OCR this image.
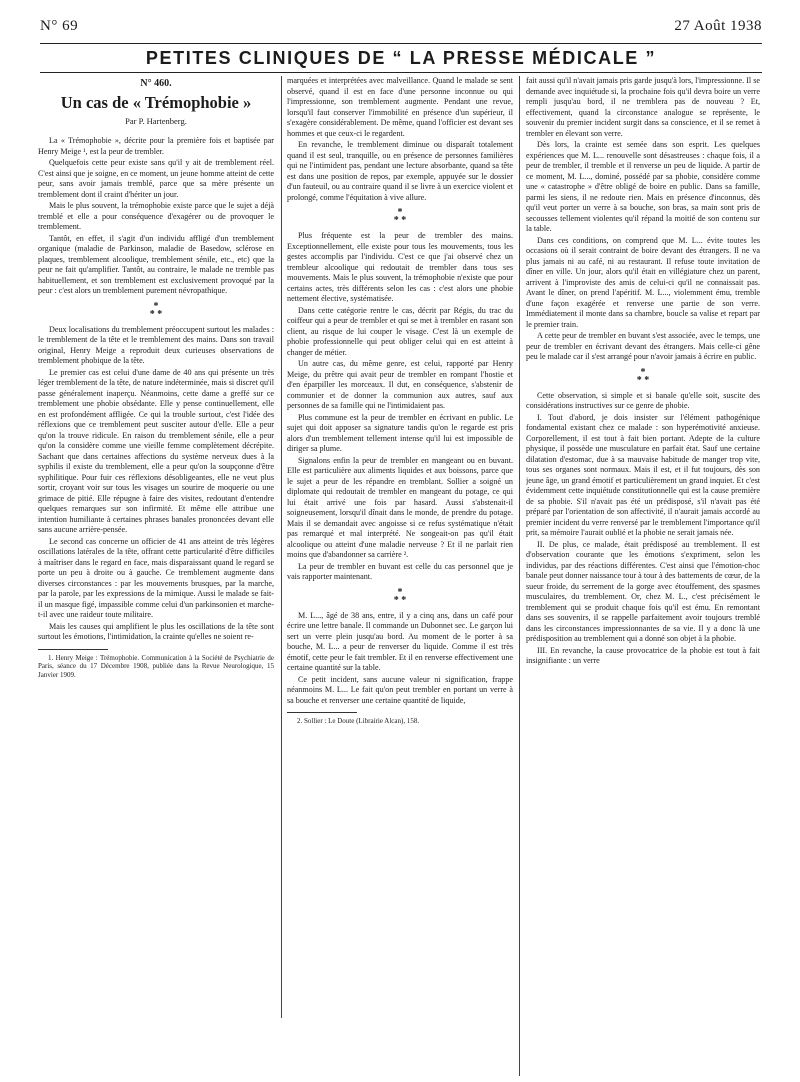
N° 69	27 Août 1938
PETITES CLINIQUES DE “ LA PRESSE MÉDICALE ”
N° 460.
Un cas de « Trémophobie »
Par P. Hartenberg.

La « Trémophobie », décrite pour la première fois et baptisée par Henry Meige ¹, est la peur de trembler.

Quelquefois cette peur existe sans qu'il y ait de tremblement réel. C'est ainsi que je soigne, en ce moment, un jeune homme atteint de cette peur, sans avoir jamais tremblé, parce que sa mère présente un tremblement dont il craint d'hériter un jour.

Mais le plus souvent, la trémophobie existe parce que le sujet a déjà tremblé et elle a pour conséquence d'exagérer ou de provoquer le tremblement.

Tantôt, en effet, il s'agit d'un individu affligé d'un tremblement organique (maladie de Parkinson, maladie de Basedow, sclérose en plaques, tremblement alcoolique, tremblement sénile, etc., etc) que la peur ne fait qu'amplifier. Tantôt, au contraire, le malade ne tremble pas habituellement, et son tremblement est exclusivement provoqué par la peur : c'est alors un tremblement purement névropathique.

*
* *

Deux localisations du tremblement préoccupent surtout les malades : le tremblement de la tête et le tremblement des mains. Dans son travail original, Henry Meige a reproduit deux curieuses observations de tremblement phobique de la tête.

Le premier cas est celui d'une dame de 40 ans qui présente un très léger tremblement de la tête, de nature indéterminée, mais si discret qu'il passe généralement inaperçu. Néanmoins, cette dame a greffé sur ce tremblement une phobie obsédante. Elle y pense continuellement, elle en est profondément affligée. Ce qui la trouble surtout, c'est l'idée des réflexions que ce tremblement peut susciter autour d'elle. Elle a peur qu'on la trouve ridicule. En raison du tremblement sénile, elle a peur qu'on la considère comme une vieille femme complètement décrépite. Sachant que dans certaines affections du système nerveux dues à la syphilis il existe du tremblement, elle a peur qu'on la soupçonne d'être syphilitique. Pour fuir ces réflexions désobligeantes, elle ne veut plus sortir, croyant voir sur tous les visages un sourire de moquerie ou une grimace de pitié. Elle répugne à faire des visites, redoutant d'entendre quelques remarques sur son infirmité. Et même elle attribue une intention humiliante à certaines phrases banales prononcées devant elle sans aucune arrière-pensée.

Le second cas concerne un officier de 41 ans atteint de très légères oscillations latérales de la tête, offrant cette particularité d'être difficiles à maîtriser dans le regard en face, mais disparaissant quand le regard se porte un peu à droite ou à gauche. Ce tremblement augmente dans diverses circonstances : par les mouvements brusques, par la marche, par la parole, par les expressions de la mimique. Aussi le malade se fait-il un masque figé, impassible comme celui d'un parkinsonien et marche-t-il avec une raideur toute militaire.

Mais les causes qui amplifient le plus les oscillations de la tête sont surtout les émotions, l'intimidation, la crainte qu'elles ne soient re-

1. Henry Meige : Trémophobie. Communication à la Société de Psychiatrie de Paris, séance du 17 Décembre 1908, publiée dans la Revue Neurologique, 15 Janvier 1909.

marquées et interprétées avec malveillance. Quand le malade se sent observé, quand il est en face d'une personne inconnue ou qui l'impressionne, son tremblement augmente. Pendant une revue, lorsqu'il faut conserver l'immobilité en présence d'un supérieur, il s'exagère considérablement. De même, quand l'officier est devant ses hommes et que ceux-ci le regardent.

En revanche, le tremblement diminue ou disparaît totalement quand il est seul, tranquille, ou en présence de personnes familières qui ne l'intimident pas, pendant une lecture absorbante, quand sa tête est dans une position de repos, par exemple, appuyée sur le dossier d'un fauteuil, ou au contraire quand il se livre à un exercice violent et prolongé, comme l'équitation à vive allure.

*
* *

Plus fréquente est la peur de trembler des mains. Exceptionnellement, elle existe pour tous les mouvements, tous les gestes accomplis par l'individu. C'est ce que j'ai observé chez un trembleur alcoolique qui redoutait de trembler dans tous ses mouvements. Mais le plus souvent, la trémophobie n'existe que pour certains actes, très différents selon les cas : c'est alors une phobie nettement élective, systématisée.

Dans cette catégorie rentre le cas, décrit par Régis, du trac du coiffeur qui a peur de trembler et qui se met à trembler en rasant son client, au risque de lui couper le visage. C'est là un exemple de phobie professionnelle qui peut obliger celui qui en est atteint à changer de métier.

Un autre cas, du même genre, est celui, rapporté par Henry Meige, du prêtre qui avait peur de trembler en rompant l'hostie et d'en éparpiller les morceaux. Il dut, en conséquence, s'abstenir de communier et de donner la communion aux autres, sauf aux personnes de sa famille qui ne l'intimidaient pas.

Plus commune est la peur de trembler en écrivant en public. Le sujet qui doit apposer sa signature tandis qu'on le regarde est pris alors d'un tremblement tellement intense qu'il lui est impossible de diriger sa plume.

Signalons enfin la peur de trembler en mangeant ou en buvant. Elle est particulière aux aliments liquides et aux boissons, parce que le sujet a peur de les répandre en tremblant. Sollier a soigné un diplomate qui redoutait de trembler en mangeant du potage, ce qui lui était arrivé une fois par hasard. Aussi s'abstenait-il soigneusement, lorsqu'il dînait dans le monde, de prendre du potage. Mais il se demandait avec angoisse si ce refus systématique n'était pas remarqué et mal interprété. Ne songeait-on pas qu'il était alcoolique ou atteint d'une maladie nerveuse ? Et il ne parlait rien moins que d'abandonner sa carrière ².

La peur de trembler en buvant est celle du cas personnel que je vais rapporter maintenant.

*
* *

M. L..., âgé de 38 ans, entre, il y a cinq ans, dans un café pour écrire une lettre banale. Il commande un Dubonnet sec. Le garçon lui sert un verre plein jusqu'au bord. Au moment de le porter à sa bouche, M. L... a peur de renverser du liquide. Comme il est très émotif, cette peur le fait trembler. Et il en renverse effectivement une certaine quantité sur la table.

Ce petit incident, sans aucune valeur ni signification, frappe néanmoins M. L... Le fait qu'on peut trembler en portant un verre à sa bouche et renverser une certaine quantité de liquide,

2. Sollier : Le Doute (Librairie Alcan), 158.

fait aussi qu'il n'avait jamais pris garde jusqu'à lors, l'impressionne. Il se demande avec inquiétude si, la prochaine fois qu'il devra boire un verre rempli jusqu'au bord, il ne tremblera pas de nouveau ? Et, effectivement, quand la circonstance analogue se représente, le souvenir du premier incident surgit dans sa conscience, et il se remet à trembler en élevant son verre.

Dès lors, la crainte est semée dans son esprit. Les quelques expériences que M. L... renouvelle sont désastreuses : chaque fois, il a peur de trembler, il tremble et il renverse un peu de liquide. A partir de ce moment, M. L..., dominé, possédé par sa phobie, considère comme une « catastrophe » d'être obligé de boire en public. Dans sa famille, parmi les siens, il ne redoute rien. Mais en présence d'inconnus, dès qu'il veut porter un verre à sa bouche, son bras, sa main sont pris de secousses tellement violentes qu'il répand la moitié de son contenu sur la table.

Dans ces conditions, on comprend que M. L... évite toutes les occasions où il serait contraint de boire devant des étrangers. Il ne va plus jamais ni au café, ni au restaurant. Il refuse toute invitation de dîner en ville. Un jour, alors qu'il était en villégiature chez un parent, arrivent à l'improviste des amis de celui-ci qu'il ne connaissait pas. Avant le dîner, on prend l'apéritif. M. L..., violemment ému, tremble d'une façon exagérée et renverse une partie de son verre. Immédiatement il monte dans sa chambre, boucle sa valise et repart par le premier train.

A cette peur de trembler en buvant s'est associée, avec le temps, une peur de trembler en écrivant devant des étrangers. Mais celle-ci gêne peu le malade car il s'est arrangé pour n'avoir jamais à écrire en public.

*
* *

Cette observation, si simple et si banale qu'elle soit, suscite des considérations instructives sur ce genre de phobie.

I. Tout d'abord, je dois insister sur l'élément pathogénique fondamental existant chez ce malade : son hyperémotivité anxieuse. Corporellement, il est tout à fait bien portant. Adepte de la culture physique, il possède une musculature en parfait état. Sauf une certaine dilatation d'estomac, due à sa mauvaise habitude de manger trop vite, tous ses organes sont normaux. Mais il est, et il fut toujours, dès son jeune âge, un grand émotif et particulièrement un grand inquiet. Et c'est évidemment cette inquiétude constitutionnelle qui est la cause première de sa phobie. S'il n'avait pas été un prédisposé, s'il n'avait pas été préparé par l'orientation de son affectivité, il n'aurait jamais accordé au premier incident du verre renversé par le tremblement l'importance qu'il prit, sa mémoire l'aurait oublié et la phobie ne serait jamais née.

II. De plus, ce malade, était prédisposé au tremblement. Il est d'observation courante que les émotions s'expriment, selon les individus, par des réactions différentes. C'est ainsi que l'émotion-choc banale peut donner naissance tour à tour à des battements de cœur, de la sueur froide, du serrement de la gorge avec étouffement, des spasmes musculaires, du tremblement. Or, chez M. L., c'est précisément le tremblement qui se produit chaque fois qu'il est ému. En remontant dans ses souvenirs, il se rappelle parfaitement avoir toujours tremblé dans les circonstances impressionnantes de sa vie. Il y a donc là une prédisposition au tremblement qui a donné son objet à la phobie.

III. En revanche, la cause provocatrice de la phobie est tout à fait insignifiante : un verre
